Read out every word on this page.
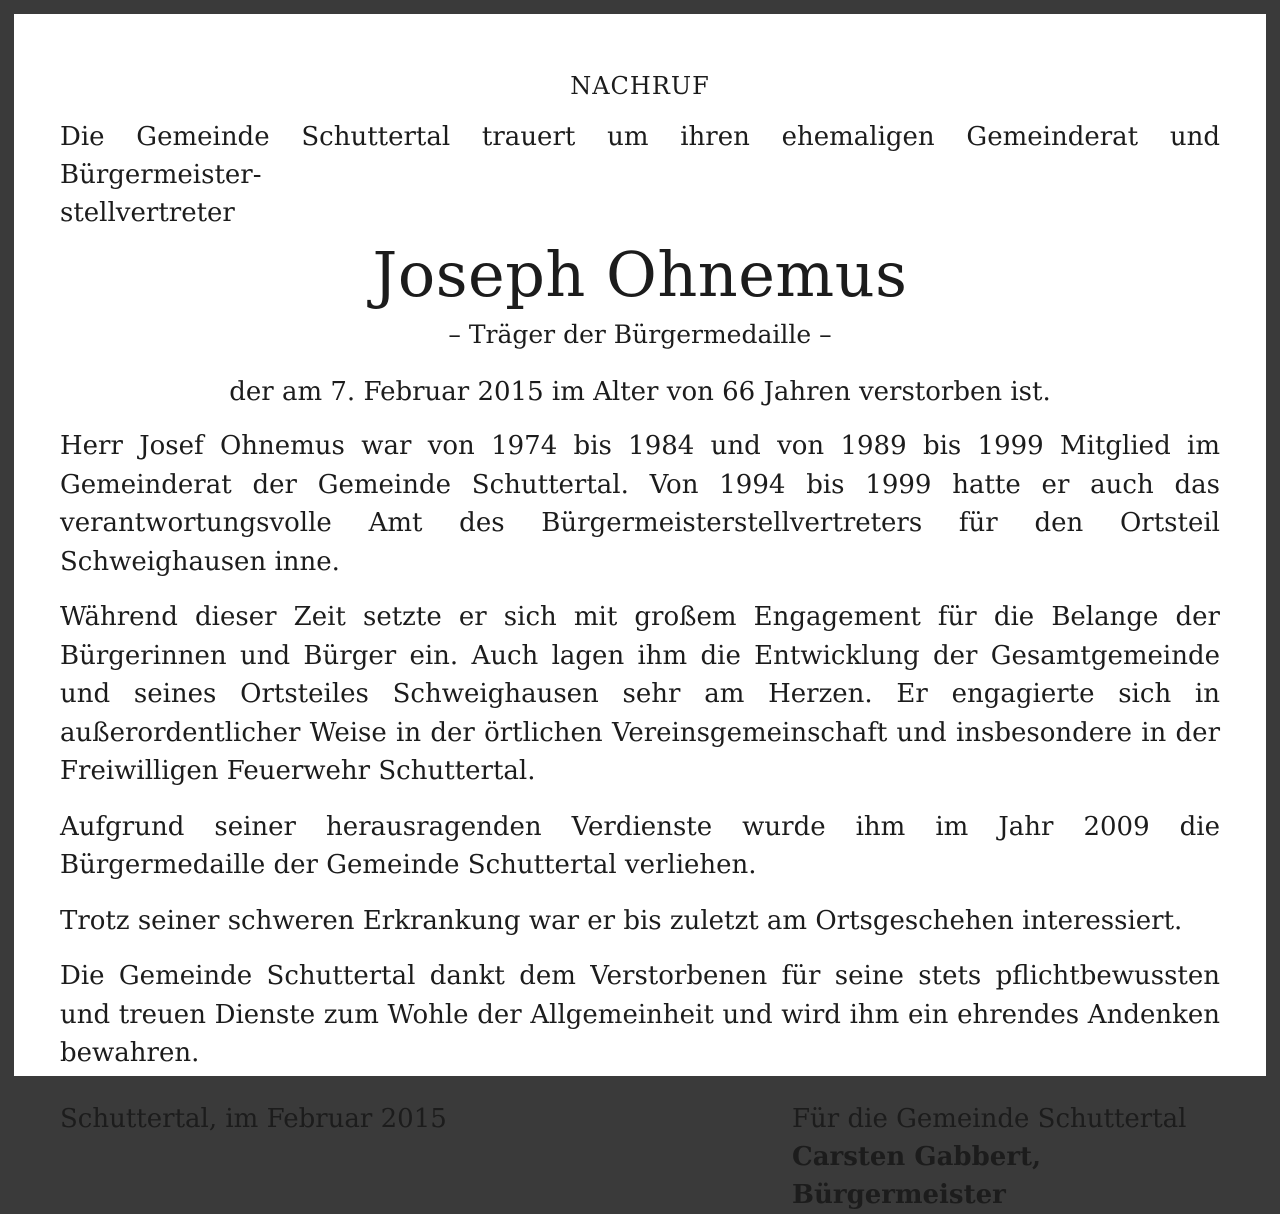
NACHRUF

Die Gemeinde Schuttertal trauert um ihren ehemaligen Gemeinderat und Bürgermeister-
stellvertreter

Joseph Ohnemus

– Träger der Bürgermedaille –

der am 7. Februar 2015 im Alter von 66 Jahren verstorben ist.

Herr Josef Ohnemus war von 1974 bis 1984 und von 1989 bis 1999 Mitglied im Gemeinderat der Gemeinde Schuttertal. Von 1994 bis 1999 hatte er auch das verantwortungsvolle Amt des Bürgermeisterstellvertreters für den Ortsteil Schweighausen inne.

Während dieser Zeit setzte er sich mit großem Engagement für die Belange der Bürgerinnen und Bürger ein. Auch lagen ihm die Entwicklung der Gesamtgemeinde und seines Ortsteiles Schweighausen sehr am Herzen. Er engagierte sich in außerordentlicher Weise in der örtlichen Vereinsgemeinschaft und insbesondere in der Freiwilligen Feuerwehr Schuttertal.

Aufgrund seiner herausragenden Verdienste wurde ihm im Jahr 2009 die Bürgermedaille der Gemeinde Schuttertal verliehen.

Trotz seiner schweren Erkrankung war er bis zuletzt am Ortsgeschehen interessiert.

Die Gemeinde Schuttertal dankt dem Verstorbenen für seine stets pflichtbewussten und treuen Dienste zum Wohle der Allgemeinheit und wird ihm ein ehrendes Andenken bewahren.

Schuttertal, im Februar 2015	Für die Gemeinde Schuttertal
Carsten Gabbert, Bürgermeister
